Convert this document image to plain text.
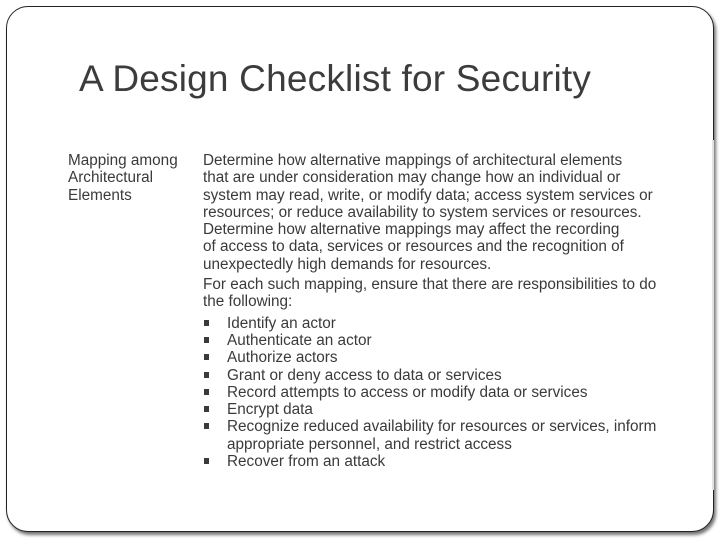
A Design Checklist for Security
Mapping among
Architectural
Elements

Determine how alternative mappings of architectural elements
that are under consideration may change how an individual or
system may read, write, or modify data; access system services or
resources; or reduce availability to system services or resources.
Determine how alternative mappings may affect the recording
of access to data, services or resources and the recognition of
unexpectedly high demands for resources.

For each such mapping, ensure that there are responsibilities to do
the following:

Identify an actor
Authenticate an actor
Authorize actors
Grant or deny access to data or services
Record attempts to access or modify data or services
Encrypt data
Recognize reduced availability for resources or services, inform
appropriate personnel, and restrict access
Recover from an attack
